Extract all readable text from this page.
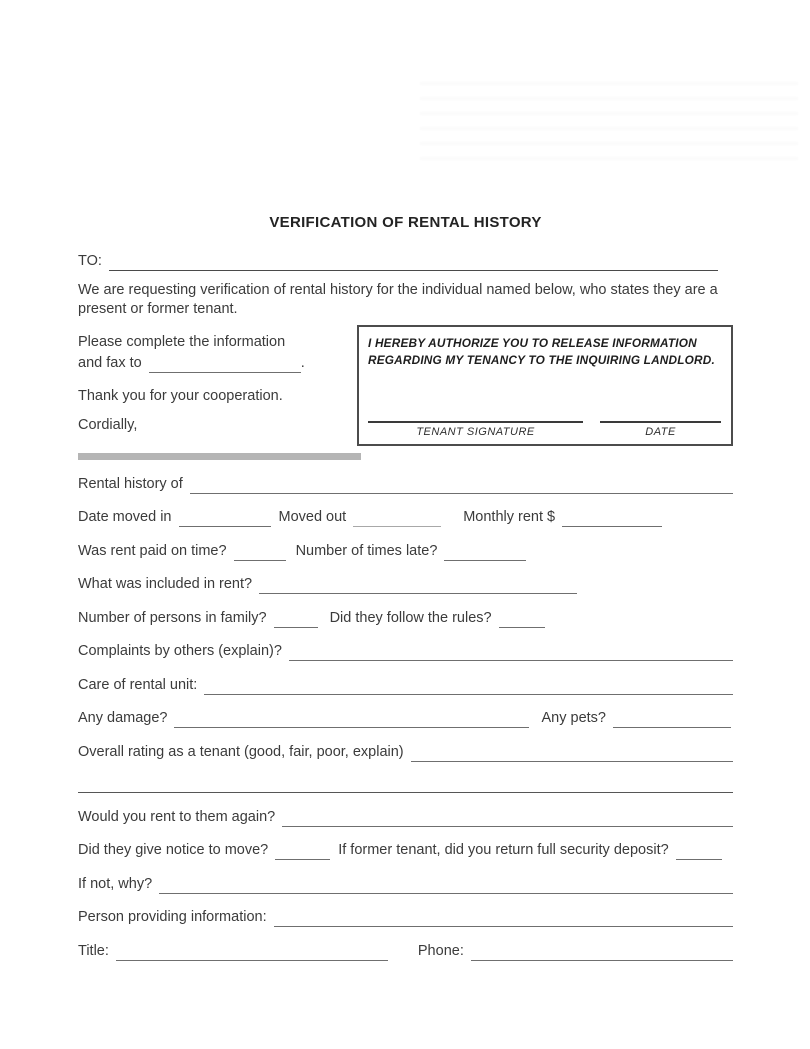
VERIFICATION OF RENTAL HISTORY
TO:
We are requesting verification of rental history for the individual named below, who states they are a present or former tenant.
Please complete the information
and fax to	.
Thank you for your cooperation.
Cordially,
I HEREBY AUTHORIZE YOU TO RELEASE INFORMATION
REGARDING MY TENANCY TO THE INQUIRING LANDLORD.
TENANT SIGNATURE	DATE
Rental history of
Date moved in	Moved out	Monthly rent $
Was rent paid on time?	Number of times late?
What was included in rent?
Number of persons in family?	Did they follow the rules?
Complaints by others (explain)?
Care of rental unit:
Any damage?	Any pets?
Overall rating as a tenant (good, fair, poor, explain)
Would you rent to them again?
Did they give notice to move?	If former tenant, did you return full security deposit?
If not, why?
Person providing information:
Title:	Phone:
